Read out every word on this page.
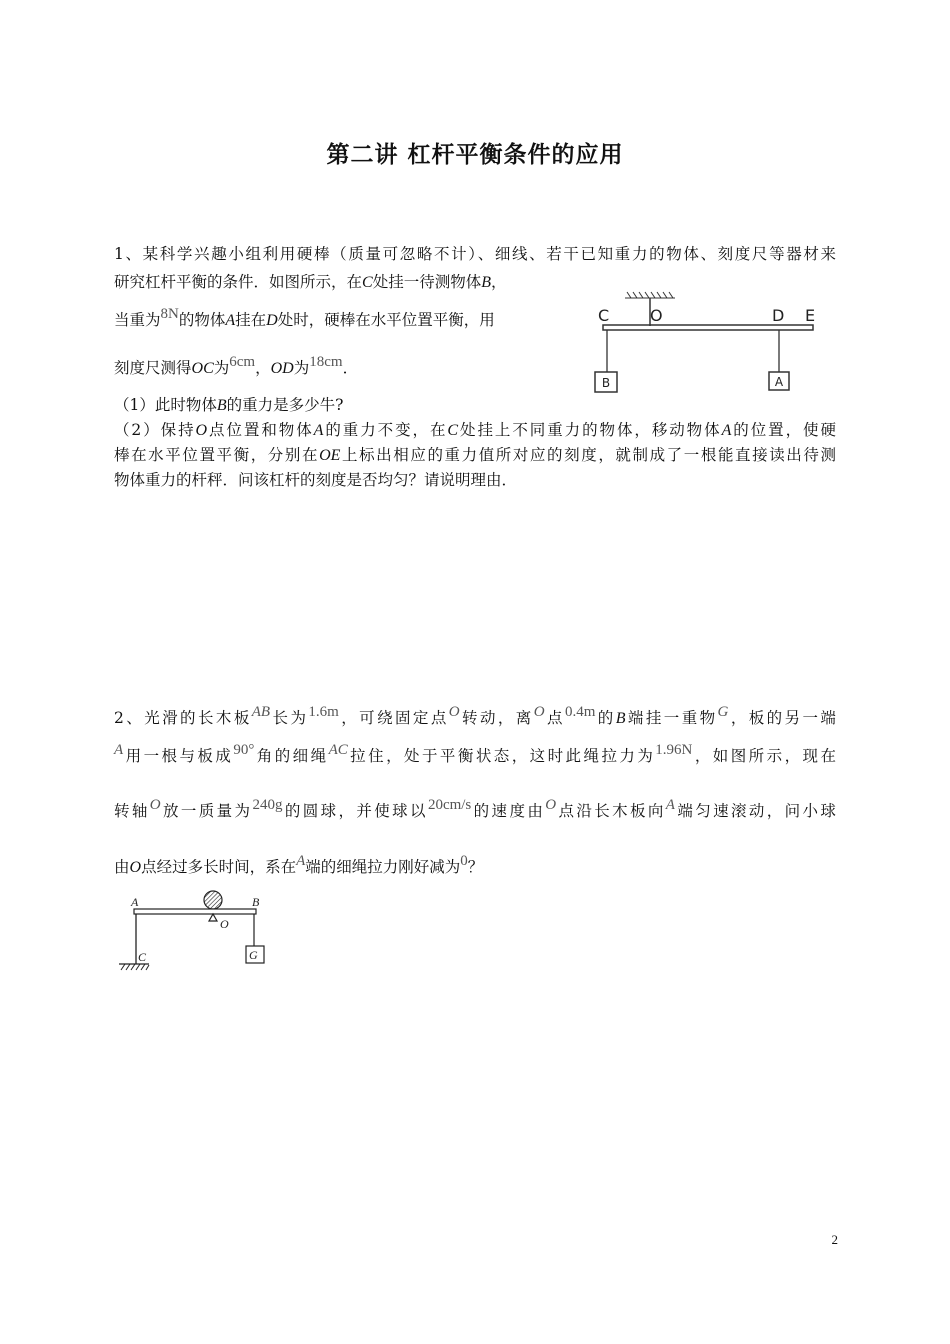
第二讲 杠杆平衡条件的应用
1、某科学兴趣小组利用硬棒（质量可忽略不计）、细线、若干已知重力的物体、刻度尺等器材来
研究杠杆平衡的条件．如图所示，在C处挂一待测物体B，
当重为8N的物体A挂在D处时，硬棒在水平位置平衡，用
刻度尺测得OC为6cm，OD为18cm．
C	O	D E
B	A
（1）此时物体B的重力是多少牛?
（2）保持O点位置和物体A的重力不变，在C处挂上不同重力的物体，移动物体A的位置，使硬
棒在水平位置平衡，分别在OE上标出相应的重力值所对应的刻度，就制成了一根能直接读出待测
物体重力的杆秤．问该杠杆的刻度是否均匀？请说明理由．
2、光滑的长木板AB长为1.6m，可绕固定点O转动，离O点0.4m的B端挂一重物G，板的另一端
A用一根与板成90°角的细绳AC拉住，处于平衡状态，这时此绳拉力为1.96N，如图所示，现在
转轴O放一质量为240g的圆球，并使球以20cm/s的速度由O点沿长木板向A端匀速滚动，问小球
由O点经过多长时间，系在A端的细绳拉力刚好减为0？
A	B
O
C	G
2
